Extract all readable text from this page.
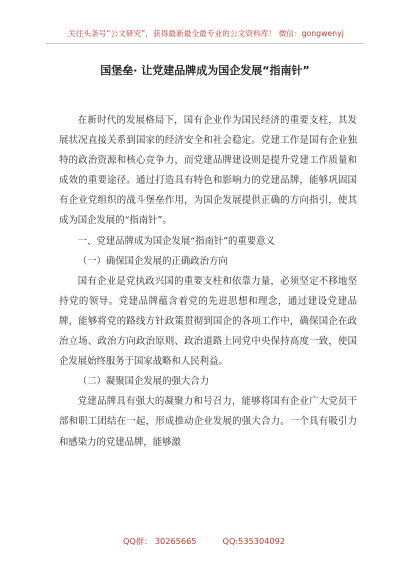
关注头条号“公文研究”，获得最新最全最专业的公文资料库！ 微信：gongwenyj
国堡垒· 让党建品牌成为国企发展“指南针”

在新时代的发展格局下，国有企业作为国民经济的重要支柱，其发展状况直接关系到国家的经济安全和社会稳定。党建工作是国有企业独特的政治资源和核心竞争力，而党建品牌建设则是提升党建工作质量和成效的重要途径。通过打造具有特色和影响力的党建品牌，能够巩固国有企业党组织的战斗堡垒作用，为国企发展提供正确的方向指引，使其成为国企发展的“指南针”。

一、党建品牌成为国企发展“指南针”的重要意义

（一）确保国企发展的正确政治方向

国有企业是党执政兴国的重要支柱和依靠力量，必须坚定不移地坚持党的领导。党建品牌蕴含着党的先进思想和理念，通过建设党建品牌，能够将党的路线方针政策贯彻到国企的各项工作中，确保国企在政治立场、政治方向政治原则、政治道路上同党中央保持高度一致，使国企发展始终服务于国家战略和人民利益。

（二）凝聚国企发展的强大合力

党建品牌具有强大的凝聚力和号召力，能够将国有企业广大党员干部和职工团结在一起，形成推动企业发展的强大合力。一个具有吸引力和感染力的党建品牌，能够激

QQ群： 30265665	QQ:535304092
